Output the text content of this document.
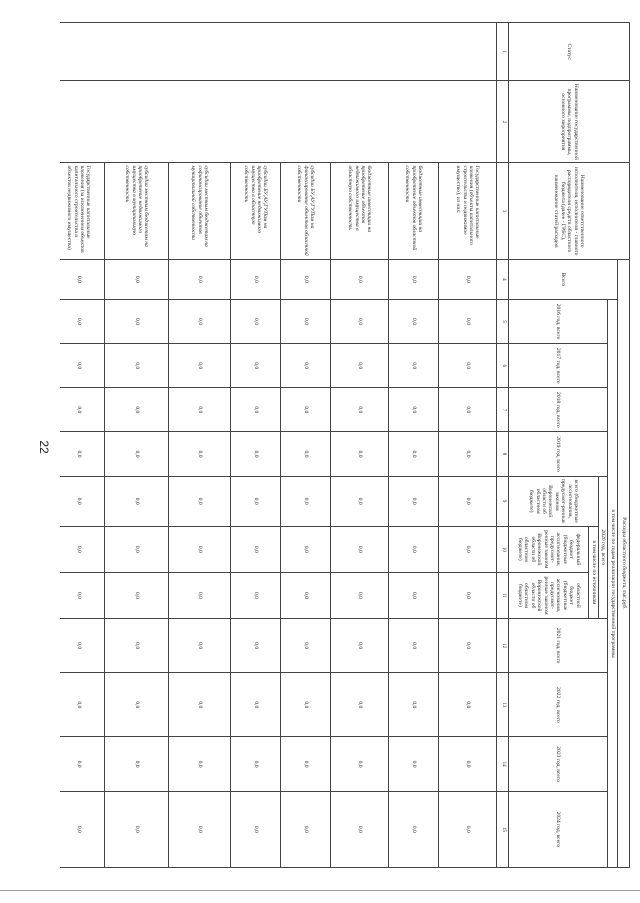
22
Статус	Наименование государственной программы, подпрограммы, основного мероприятия	Наименование ответственного исполнителя, исполнителя - главного распорядителя средств областного бюджета (далее - ГРБС), наименование статей расходов	Расходы областного бюджета, тыс.руб.											
			Всего	в том числе по годам реализации государственной программы										
				2016 год, всего	2017 год, всего	2018 год, всего	2019 год, всего	2020 год, всего			2021 год, всего	2022 год, всего	2023 год, всего	2024 год, всего
								всего (бюджетные ассигнования, предусмот-ренные законом Воронежской области об областном бюджете)	в том числе по источникам					
									федеральный бюджет (бюджетные ассигнования, предусмот-ренные законом Воронежской области об областном бюджете)	областной бюджет (бюджетные ассигнования, предусмот-ренные законом Воронежской области об областном бюджете)				
1	2	3	4	5	6	7	8	9	10	11	12	13	14	15
		Государственные капитальные вложения (объекты капитального строительства и недвижимое имущество), из них:	0,0	0,0	0,0	0,0	0,0	0,0	0,0	0,0	0,0	0,0	0,0	0,0
		бюджетные инвестиции на приобретение объектов областной собственности	0,0	0,0	0,0	0,0	0,0	0,0	0,0	0,0	0,0	0,0	0,0	0,0
		бюджетные инвестиции на приобретение объектов недвижимого имущества в областную собственность	0,0	0,0	0,0	0,0	0,0	0,0	0,0	0,0	0,0	0,0	0,0	0,0
		субсидии БУ,АУ,ГУПам на финансирование объектов областной собственности	0,0	0,0	0,0	0,0	0,0	0,0	0,0	0,0	0,0	0,0	0,0	0,0
		субсидии БУ,АУ,ГУПам на приобретение недвижимого имущества в областную собственность	0,0	0,0	0,0	0,0	0,0	0,0	0,0	0,0	0,0	0,0	0,0	0,0
		субсидии местным бюджетам на софинансирование объектов муниципальной собственности	0,0	0,0	0,0	0,0	0,0	0,0	0,0	0,0	0,0	0,0	0,0	0,0
		субсидии местным бюджетам на приобретение недвижимого имущества в муниципальную собственность	0,0	0,0	0,0	0,0	0,0	0,0	0,0	0,0	0,0	0,0	0,0	0,0
		Государственные капитальные вложения (за исключением объектов капитального строительства и объектов недвижимого имущества)	0,0	0,0	0,0	0,0	0,0	0,0	0,0	0,0	0,0	0,0	0,0	0,0
